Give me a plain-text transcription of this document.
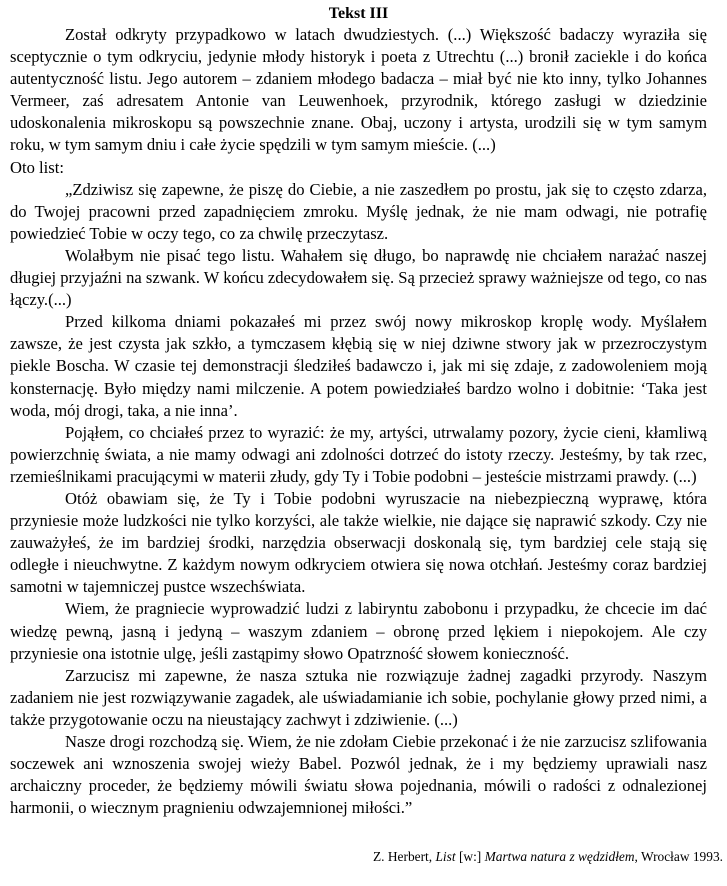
Tekst III

Został odkryty przypadkowo w latach dwudziestych. (...) Większość badaczy wyraziła się sceptycznie o tym odkryciu, jedynie młody historyk i poeta z Utrechtu (...) bronił zaciekle i do końca autentyczność listu. Jego autorem – zdaniem młodego badacza – miał być nie kto inny, tylko Johannes Vermeer, zaś adresatem Antonie van Leuwenhoek, przyrodnik, którego zasługi w dziedzinie udoskonalenia mikroskopu są powszechnie znane. Obaj, uczony i artysta, urodzili się w tym samym roku, w tym samym dniu i całe życie spędzili w tym samym mieście. (...)

Oto list:

„Zdziwisz się zapewne, że piszę do Ciebie, a nie zaszedłem po prostu, jak się to często zdarza, do Twojej pracowni przed zapadnięciem zmroku. Myślę jednak, że nie mam odwagi, nie potrafię powiedzieć Tobie w oczy tego, co za chwilę przeczytasz.

Wolałbym nie pisać tego listu. Wahałem się długo, bo naprawdę nie chciałem narażać naszej długiej przyjaźni na szwank. W końcu zdecydowałem się. Są przecież sprawy ważniejsze od tego, co nas łączy.(...)

Przed kilkoma dniami pokazałeś mi przez swój nowy mikroskop kroplę wody. Myślałem zawsze, że jest czysta jak szkło, a tymczasem kłębią się w niej dziwne stwory jak w przezroczystym piekle Boscha. W czasie tej demonstracji śledziłeś badawczo i, jak mi się zdaje, z zadowoleniem moją konsternację. Było między nami milczenie. A potem powiedziałeś bardzo wolno i dobitnie: ‘Taka jest woda, mój drogi, taka, a nie inna’.

Pojąłem, co chciałeś przez to wyrazić: że my, artyści, utrwalamy pozory, życie cieni, kłamliwą powierzchnię świata, a nie mamy odwagi ani zdolności dotrzeć do istoty rzeczy. Jesteśmy, by tak rzec, rzemieślnikami pracującymi w materii złudy, gdy Ty i Tobie podobni – jesteście mistrzami prawdy. (...)

Otóż obawiam się, że Ty i Tobie podobni wyruszacie na niebezpieczną wyprawę, która przyniesie może ludzkości nie tylko korzyści, ale także wielkie, nie dające się naprawić szkody. Czy nie zauważyłeś, że im bardziej środki, narzędzia obserwacji doskonalą się, tym bardziej cele stają się odległe i nieuchwytne. Z każdym nowym odkryciem otwiera się nowa otchłań. Jesteśmy coraz bardziej samotni w tajemniczej pustce wszechświata.

Wiem, że pragniecie wyprowadzić ludzi z labiryntu zabobonu i przypadku, że chcecie im dać wiedzę pewną, jasną i jedyną – waszym zdaniem – obronę przed lękiem i niepokojem. Ale czy przyniesie ona istotnie ulgę, jeśli zastąpimy słowo Opatrzność słowem konieczność.

Zarzucisz mi zapewne, że nasza sztuka nie rozwiązuje żadnej zagadki przyrody. Naszym zadaniem nie jest rozwiązywanie zagadek, ale uświadamianie ich sobie, pochylanie głowy przed nimi, a także przygotowanie oczu na nieustający zachwyt i zdziwienie. (...)

Nasze drogi rozchodzą się. Wiem, że nie zdołam Ciebie przekonać i że nie zarzucisz szlifowania soczewek ani wznoszenia swojej wieży Babel. Pozwól jednak, że i my będziemy uprawiali nasz archaiczny proceder, że będziemy mówili światu słowa pojednania, mówili o radości z odnalezionej harmonii, o wiecznym pragnieniu odwzajemnionej miłości.”

Z. Herbert, List [w:] Martwa natura z wędzidłem, Wrocław 1993.
